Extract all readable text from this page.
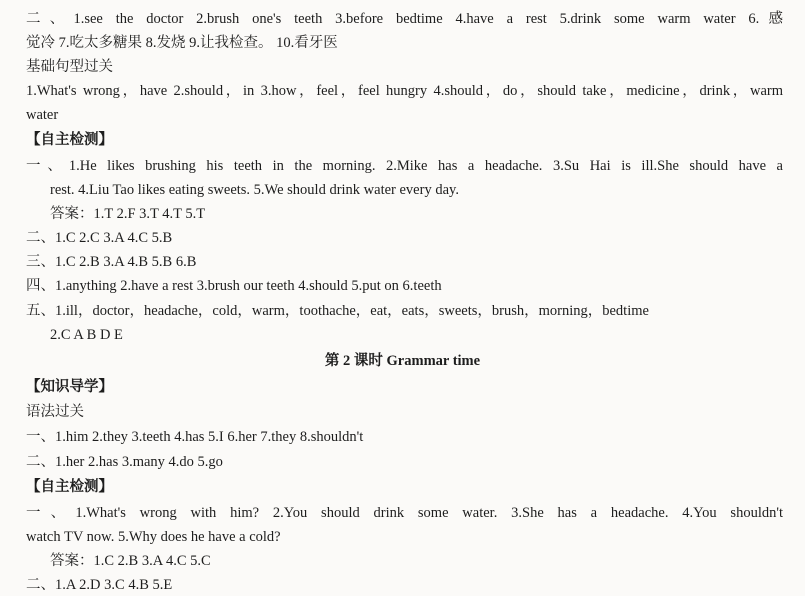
二、1.see the doctor 2.brush one's teeth 3.before bedtime 4.have a rest 5.drink some warm water 6.感
觉冷 7.吃太多糖果 8.发烧 9.让我检查。 10.看牙医
基础句型过关
1.What's wrong，have 2.should，in 3.how，feel，feel hungry 4.should，do，should take，medicine，drink，warm
water
【自主检测】
一、1.He likes brushing his teeth in the morning. 2.Mike has a headache. 3.Su Hai is ill.She should have a
rest. 4.Liu Tao likes eating sweets. 5.We should drink water every day.
答案：1.T 2.F 3.T 4.T 5.T
二、1.C 2.C 3.A 4.C 5.B
三、1.C 2.B 3.A 4.B 5.B 6.B
四、1.anything 2.have a rest 3.brush our teeth 4.should 5.put on 6.teeth
五、1.ill，doctor，headache，cold，warm，toothache，eat，eats，sweets，brush，morning，bedtime
2.C A B D E
第 2 课时 Grammar time
【知识导学】
语法过关
一、1.him 2.they 3.teeth 4.has 5.I 6.her 7.they 8.shouldn't
二、1.her 2.has 3.many 4.do 5.go
【自主检测】
一、1.What's wrong with him? 2.You should drink some water. 3.She has a headache. 4.You shouldn't
watch TV now. 5.Why does he have a cold?
答案：1.C 2.B 3.A 4.C 5.C
二、1.A 2.D 3.C 4.B 5.E
